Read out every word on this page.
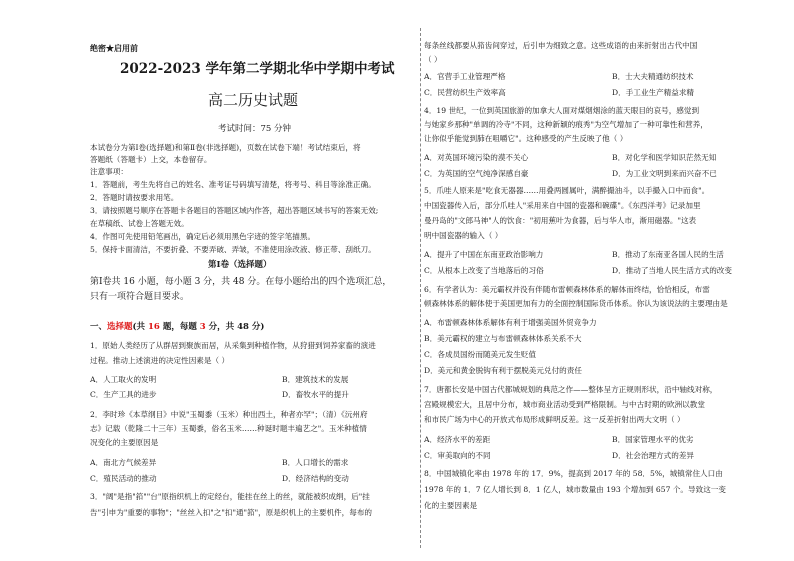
绝密★启用前
2022-2023 学年第二学期北华中学期中考试
高二历史试题
考试时间：75 分钟
本试卷分为第Ⅰ卷(选择题)和第Ⅱ卷(非选择题)，页数在试卷下端！考试结束后，将
答题纸（答题卡）上交，本卷留存。
注意事项：
1．答题前，考生先将自己的姓名、准考证号码填写清楚，将考号、科目等涂准正确。
2．答题时请按要求用笔。
3．请按照题号顺序在答题卡各题目的答题区域内作答，超出答题区域书写的答案无效;
在草稿纸、试卷上答题无效。
4．作图可先使用铅笔画出，确定后必须用黑色字迹的签字笔描黑。
5．保持卡面清洁，不要折叠、不要弄破、弄皱，不准使用涂改液、修正带、刮纸刀。
第Ⅰ卷（选择题）
第Ⅰ卷共 16 小题，每小题 3 分，共 48 分。在每小题给出的四个选项汇总，
只有一项符合题目要求。
一、选择题(共 16 题，每题 3 分，共 48 分)
1．原始人类经历了从群居到聚族而居，从采集到种植作物，从狩猎到饲养家畜的演进
过程。推动上述演进的决定性因素是（ ）
A．人工取火的发明	B．建筑技术的发展
C．生产工具的进步	D．畜牧水平的提升
2．李时珍《本草纲目》中说"玉蜀黍（玉米）种出西土，种者亦罕"；（清）《沅州府
志》记载（乾隆二十三年）玉蜀黍，俗名玉米……种诞时题丰遍艺之"。玉米种植情
况变化的主要原因是
A．南北方气候差异	B．人口增长的需求
C．殖民活动的推动	D．经济结构的变动
3．"阔"是指"筘""台"原指织机上的定经台，能挂在丝上的丝，就能被织成绢，后"挂
告"引申为"重要的事物"；"丝丝入扣"之"扣"通"筘"，原是织机上的主要机件，每布的
每条丝线都要从筘齿间穿过，后引申为细致之意。这些成语的由来折射出古代中国
（ ）
A．官营手工业管理严格	B．士大夫精通纺织技术
C．民营纺织生产效率高	D．手工业生产精益求精
4．19 世纪，一位到英国旅游的加拿大人面对煤烟烟涂的蓝天眼目的哀号，感觉到
与她家乡那种"单调的冷寺"不同，这种新颖的痕秀"为空气增加了一种可靠性和营养，
让你似乎能觉到肺在咀嚼它"。这种感受的产生反映了他（ ）
A．对英国环境污染的漠不关心	B．对化学和医学知识茫然无知
C．为英国的空气纯净深感自豪	D．为工业文明到来而兴奋不已
5．爪哇人原来是"吃食无器器……用叠两圆属叶，满醉撮油斗，以手撮入口中而食"。
中国瓷器传入后，部分爪哇人"采用来自中国的瓷器和碗碟"。《东西洋考》记录加里
曼丹岛的"文郎马神"人的饮食："初用蕉叶为食器，后与华人市，渐用磁器。"这表
明中国瓷器的输入（ ）
A．提升了中国在东南亚政治影响力	B．推动了东南亚各国人民的生活
C．从根本上改变了当地落后的习俗	D．推动了当地人民生活方式的改变
6．有学者认为：美元霸权并没有伴随布雷顿森林体系的解体而终结，恰恰相反，布雷
顿森林体系的解体使于美国更加有力的全面控制国际货币体系。你认为该说法的主要理由是
A．布雷顿森林体系解体有利于增强美国外贸竞争力
B．美元霸权的建立与布雷顿森林体系关系不大
C．各成员国纷而随美元发生贬值
D．美元和黄金脱钩有利于摆脱美元兑付的责任
7．唐都长安是中国古代都城规划的典范之作——整体呈方正规则形状，沿中轴线对称，
宫殿规模宏大，且居中分布，城市商业活动受到严格限制。与中古时期的欧洲以教堂
和市民广场为中心的开放式布局形成鲜明反差。这一反差折射出两大文明（ ）
A．经济水平的差距	B．国家管理水平的优劣
C．审美取向的不同	D．社会治理方式的差异
8．中国城镇化率由 1978 年的 17．9%，提高到 2017 年的 58．5%，城镇常住人口由
1978 年的 1．7 亿人增长到 8．1 亿人，城市数量由 193 个增加到 657 个。导致这一变
化的主要因素是
